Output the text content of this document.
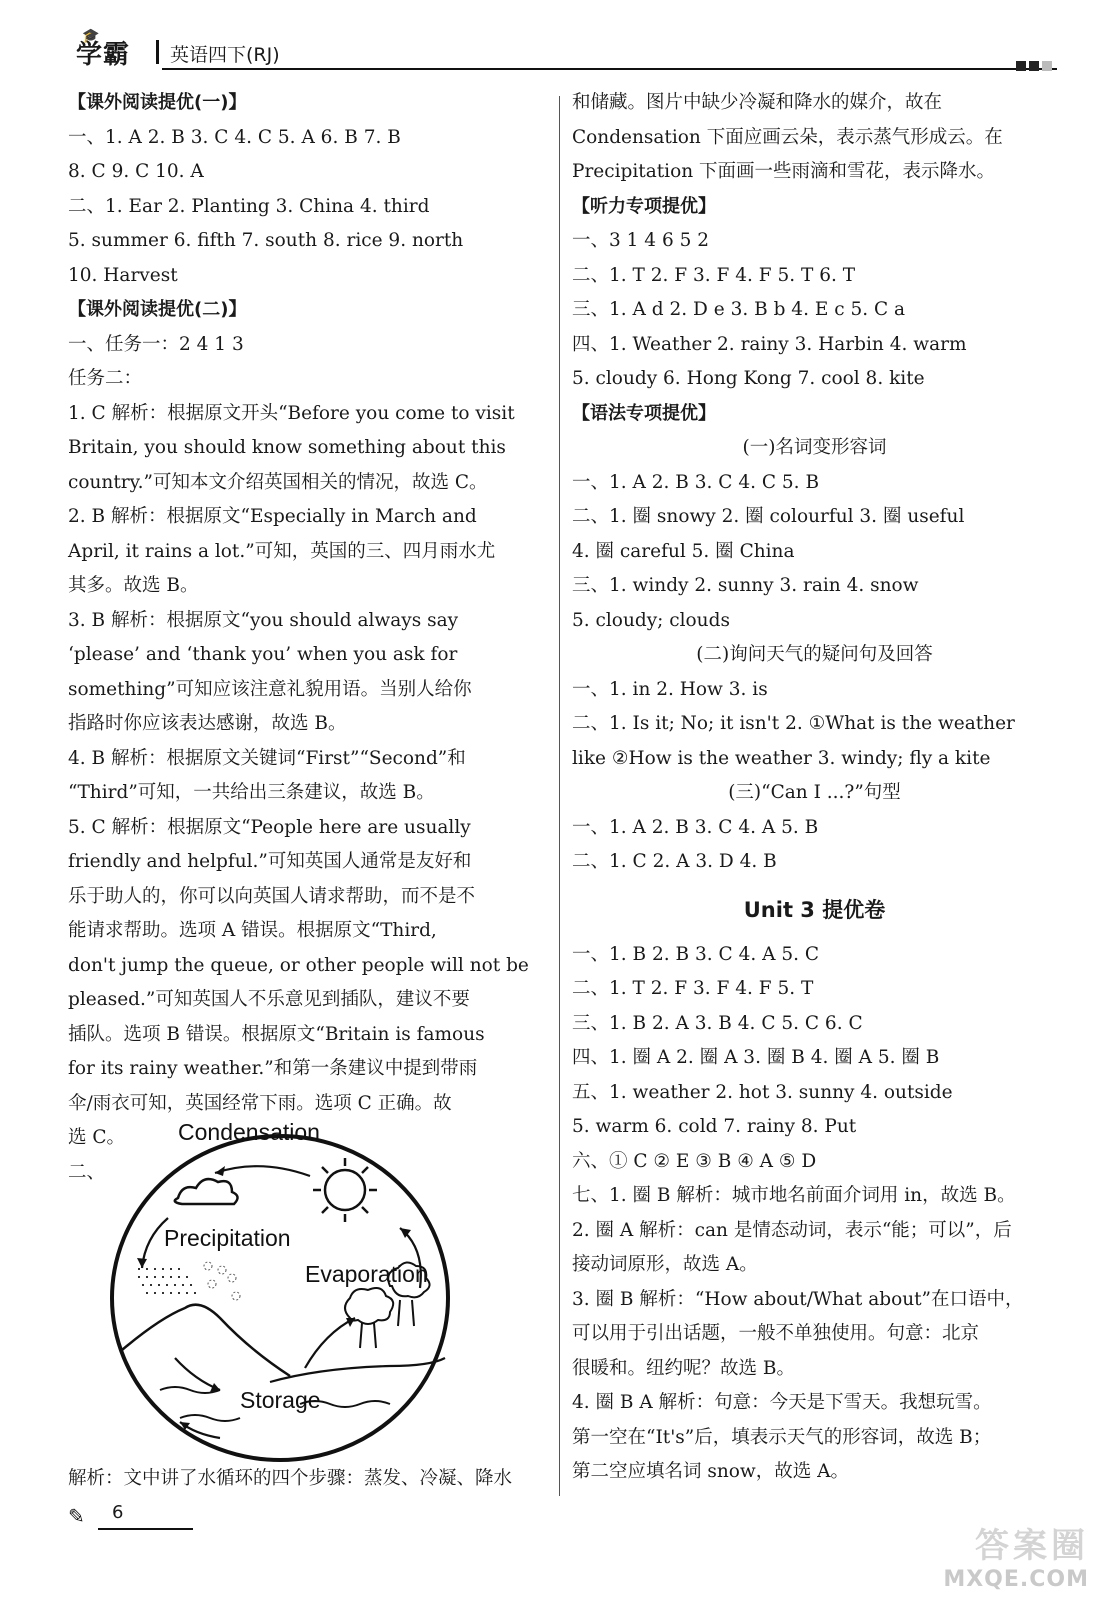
🎓
学霸 英语四下(RJ)

【课外阅读提优(一)】

一、1. A 2. B 3. C 4. C 5. A 6. B 7. B

8. C 9. C 10. A

二、1. Ear 2. Planting 3. China 4. third

5. summer 6. fifth 7. south 8. rice 9. north

10. Harvest

【课外阅读提优(二)】

一、任务一：2 4 1 3

任务二：

1. C 解析：根据原文开头“Before you come to visit

Britain, you should know something about this

country.”可知本文介绍英国相关的情况，故选 C。

2. B 解析：根据原文“Especially in March and

April, it rains a lot.”可知，英国的三、四月雨水尤

其多。故选 B。

3. B 解析：根据原文“you should always say

‘please’ and ‘thank you’ when you ask for

something”可知应该注意礼貌用语。当别人给你

指路时你应该表达感谢，故选 B。

4. B 解析：根据原文关键词“First”“Second”和

“Third”可知，一共给出三条建议，故选 B。

5. C 解析：根据原文“People here are usually

friendly and helpful.”可知英国人通常是友好和

乐于助人的，你可以向英国人请求帮助，而不是不

能请求帮助。选项 A 错误。根据原文“Third,

don't jump the queue, or other people will not be

pleased.”可知英国人不乐意见到插队，建议不要

插队。选项 B 错误。根据原文“Britain is famous

for its rainy weather.”和第一条建议中提到带雨

伞/雨衣可知，英国经常下雨。选项 C 正确。故

选 C。

二、

Condensation
Precipitation
Evaporation
Storage

解析：文中讲了水循环的四个步骤：蒸发、冷凝、降水

和储藏。图片中缺少冷凝和降水的媒介，故在

Condensation 下面应画云朵，表示蒸气形成云。在

Precipitation 下面画一些雨滴和雪花，表示降水。

【听力专项提优】

一、3 1 4 6 5 2

二、1. T 2. F 3. F 4. F 5. T 6. T

三、1. A d 2. D e 3. B b 4. E c 5. C a

四、1. Weather 2. rainy 3. Harbin 4. warm

5. cloudy 6. Hong Kong 7. cool 8. kite

【语法专项提优】

(一)名词变形容词

一、1. A 2. B 3. C 4. C 5. B

二、1. 圈 snowy 2. 圈 colourful 3. 圈 useful

4. 圈 careful 5. 圈 China

三、1. windy 2. sunny 3. rain 4. snow

5. cloudy; clouds

(二)询问天气的疑问句及回答

一、1. in 2. How 3. is

二、1. Is it; No; it isn't 2. ①What is the weather

like ②How is the weather 3. windy; fly a kite

(三)“Can I ...?”句型

一、1. A 2. B 3. C 4. A 5. B

二、1. C 2. A 3. D 4. B

Unit 3 提优卷

一、1. B 2. B 3. C 4. A 5. C

二、1. T 2. F 3. F 4. F 5. T

三、1. B 2. A 3. B 4. C 5. C 6. C

四、1. 圈 A 2. 圈 A 3. 圈 B 4. 圈 A 5. 圈 B

五、1. weather 2. hot 3. sunny 4. outside

5. warm 6. cold 7. rainy 8. Put

六、① C ② E ③ B ④ A ⑤ D

七、1. 圈 B 解析：城市地名前面介词用 in，故选 B。

2. 圈 A 解析：can 是情态动词，表示“能；可以”，后

接动词原形，故选 A。

3. 圈 B 解析：“How about/What about”在口语中，

可以用于引出话题，一般不单独使用。句意：北京

很暖和。纽约呢？故选 B。

4. 圈 B A 解析：句意：今天是下雪天。我想玩雪。

第一空在“It's”后，填表示天气的形容词，故选 B；

第二空应填名词 snow，故选 A。

✎ 6
答案圈
MXQE.COM
